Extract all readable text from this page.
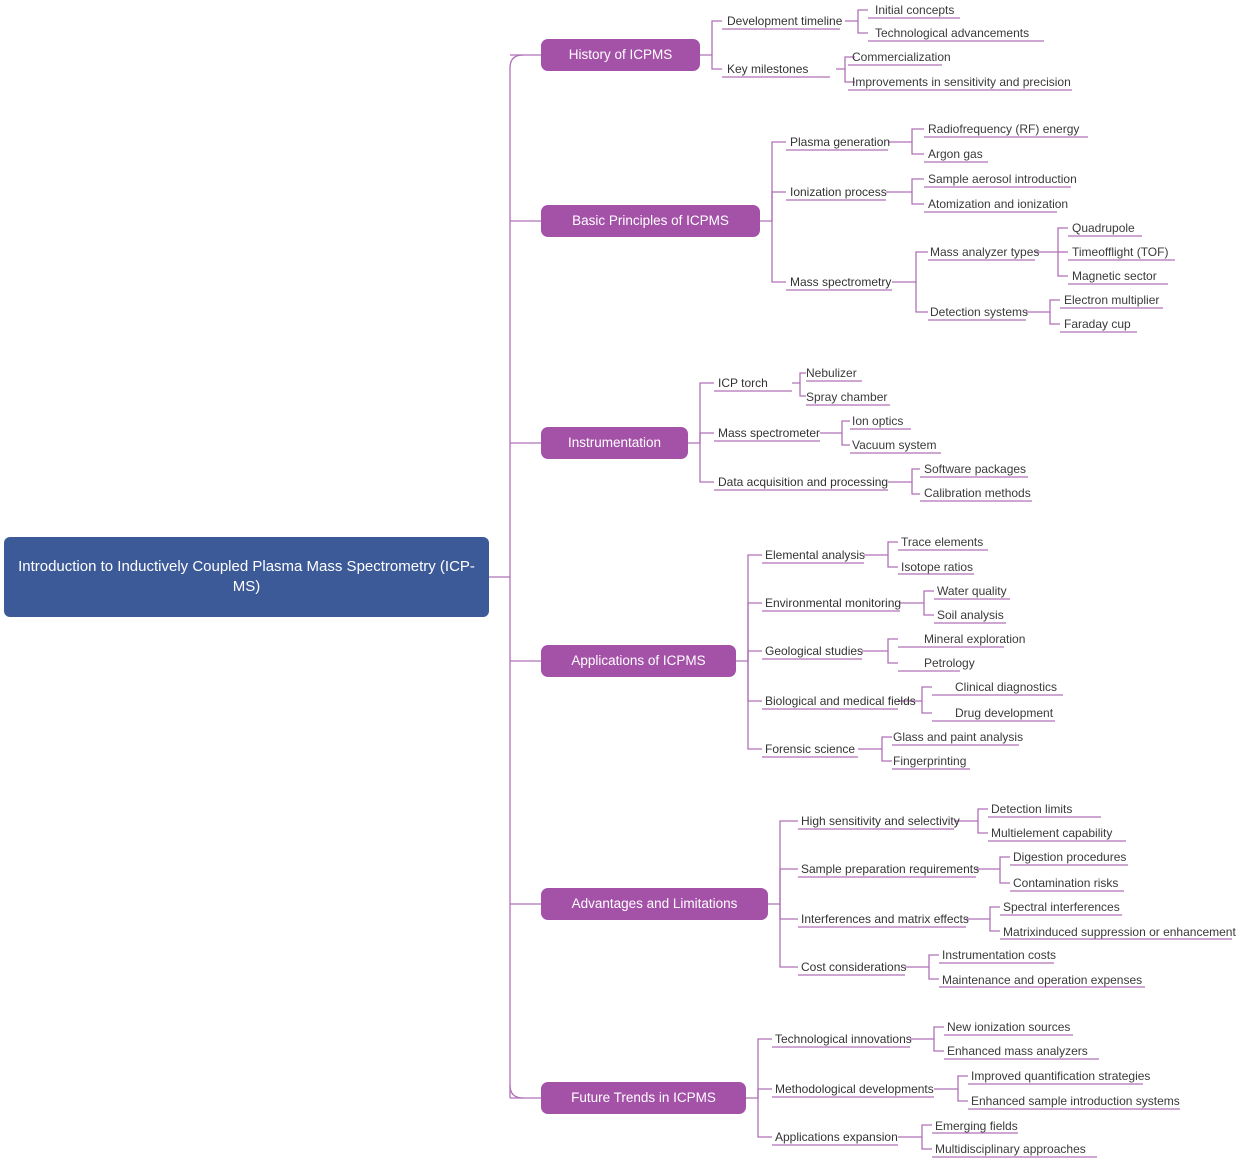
Introduction to Inductively Coupled Plasma Mass Spectrometry (ICP-MS)
History of ICPMS
Development timeline
Key milestones
Initial concepts
Technological advancements
Commercialization
Improvements in sensitivity and precision
Basic Principles of ICPMS
Plasma generation
Ionization process
Mass spectrometry
Radiofrequency (RF) energy
Argon gas
Sample aerosol introduction
Atomization and ionization
Mass analyzer types
Detection systems
Quadrupole
Timeofflight (TOF)
Magnetic sector
Electron multiplier
Faraday cup
Instrumentation
ICP torch
Mass spectrometer
Data acquisition and processing
Nebulizer
Spray chamber
Ion optics
Vacuum system
Software packages
Calibration methods
Applications of ICPMS
Elemental analysis
Environmental monitoring
Geological studies
Biological and medical fields
Forensic science
Trace elements
Isotope ratios
Water quality
Soil analysis
Mineral exploration
Petrology
Clinical diagnostics
Drug development
Glass and paint analysis
Fingerprinting
Advantages and Limitations
High sensitivity and selectivity
Sample preparation requirements
Interferences and matrix effects
Cost considerations
Detection limits
Multielement capability
Digestion procedures
Contamination risks
Spectral interferences
Matrixinduced suppression or enhancement
Instrumentation costs
Maintenance and operation expenses
Future Trends in ICPMS
Technological innovations
Methodological developments
Applications expansion
New ionization sources
Enhanced mass analyzers
Improved quantification strategies
Enhanced sample introduction systems
Emerging fields
Multidisciplinary approaches
